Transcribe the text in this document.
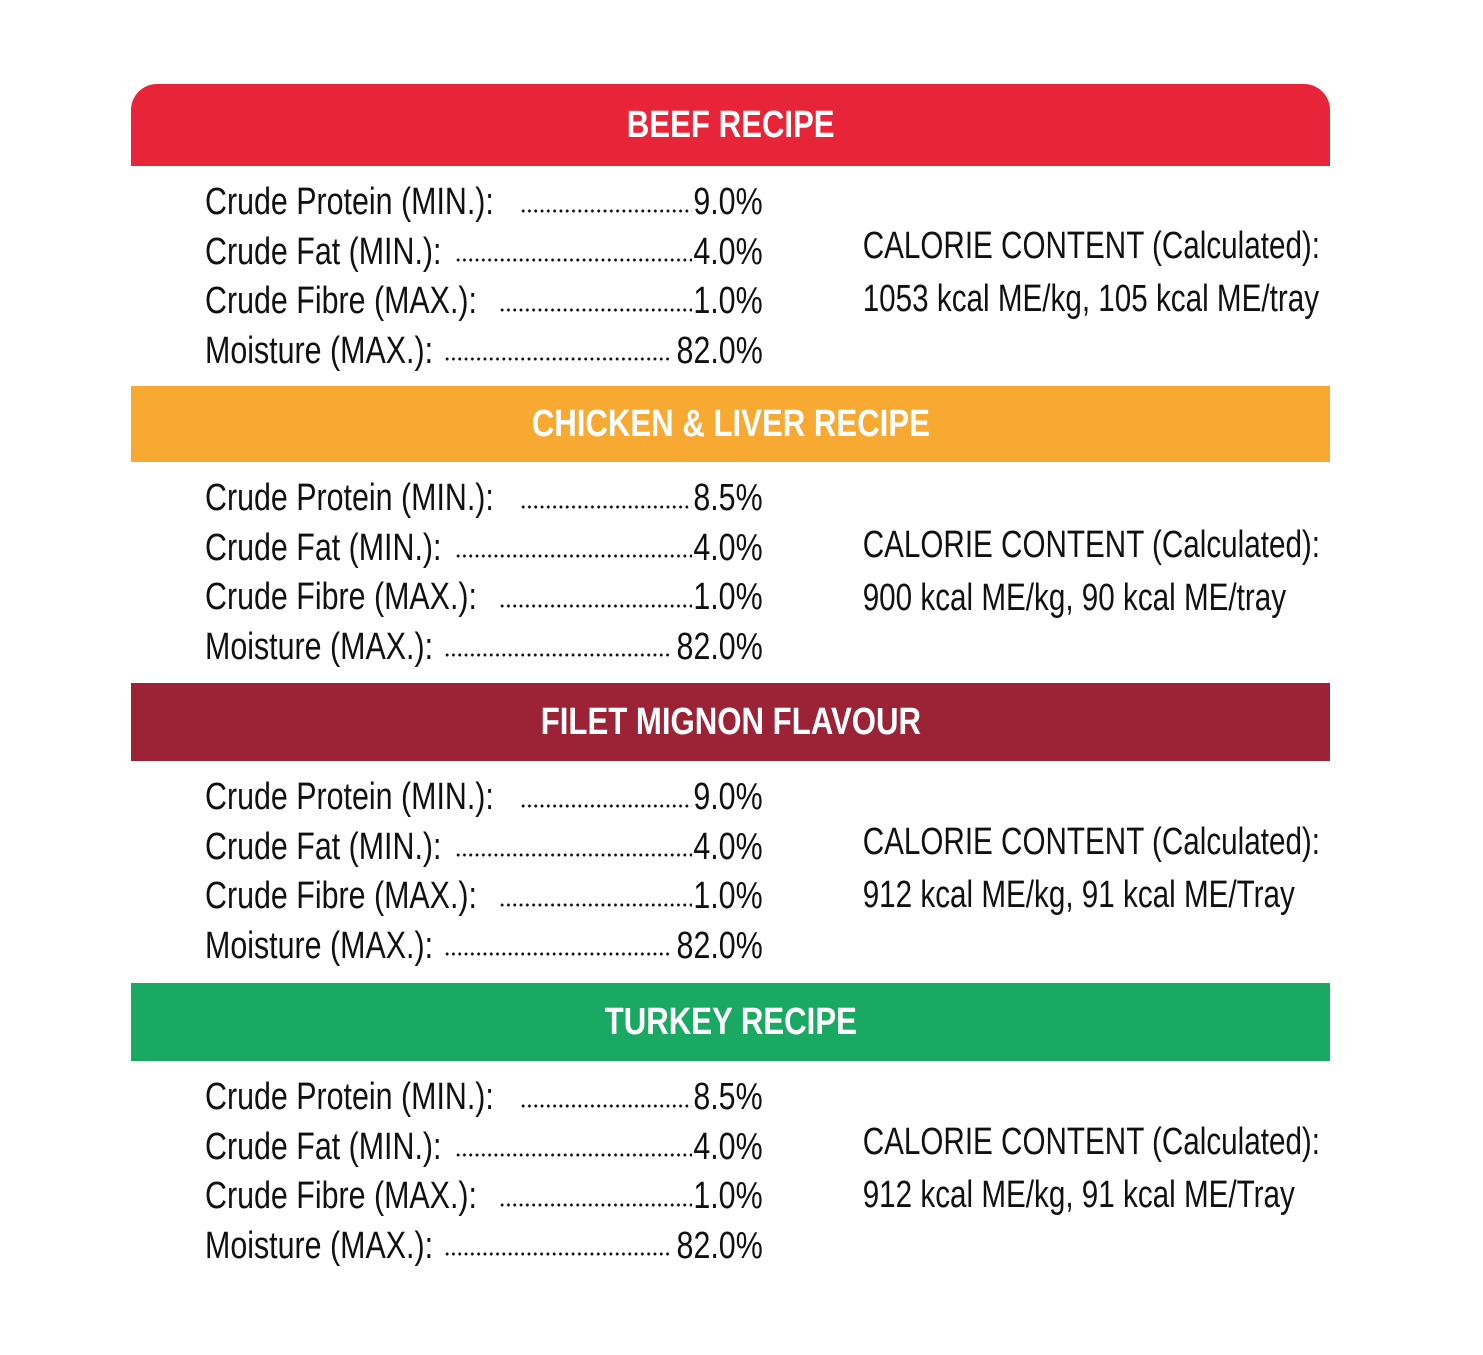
BEEF RECIPE
Crude Protein (MIN.):	9.0%
Crude Fat (MIN.):	4.0%
Crude Fibre (MAX.):	1.0%
Moisture (MAX.):	82.0%
CALORIE CONTENT (Calculated):
1053 kcal ME/kg, 105 kcal ME/tray
CHICKEN & LIVER RECIPE
Crude Protein (MIN.):	8.5%
Crude Fat (MIN.):	4.0%
Crude Fibre (MAX.):	1.0%
Moisture (MAX.):	82.0%
CALORIE CONTENT (Calculated):
900 kcal ME/kg, 90 kcal ME/tray
FILET MIGNON FLAVOUR
Crude Protein (MIN.):	9.0%
Crude Fat (MIN.):	4.0%
Crude Fibre (MAX.):	1.0%
Moisture (MAX.):	82.0%
CALORIE CONTENT (Calculated):
912 kcal ME/kg, 91 kcal ME/Tray
TURKEY RECIPE
Crude Protein (MIN.):	8.5%
Crude Fat (MIN.):	4.0%
Crude Fibre (MAX.):	1.0%
Moisture (MAX.):	82.0%
CALORIE CONTENT (Calculated):
912 kcal ME/kg, 91 kcal ME/Tray
